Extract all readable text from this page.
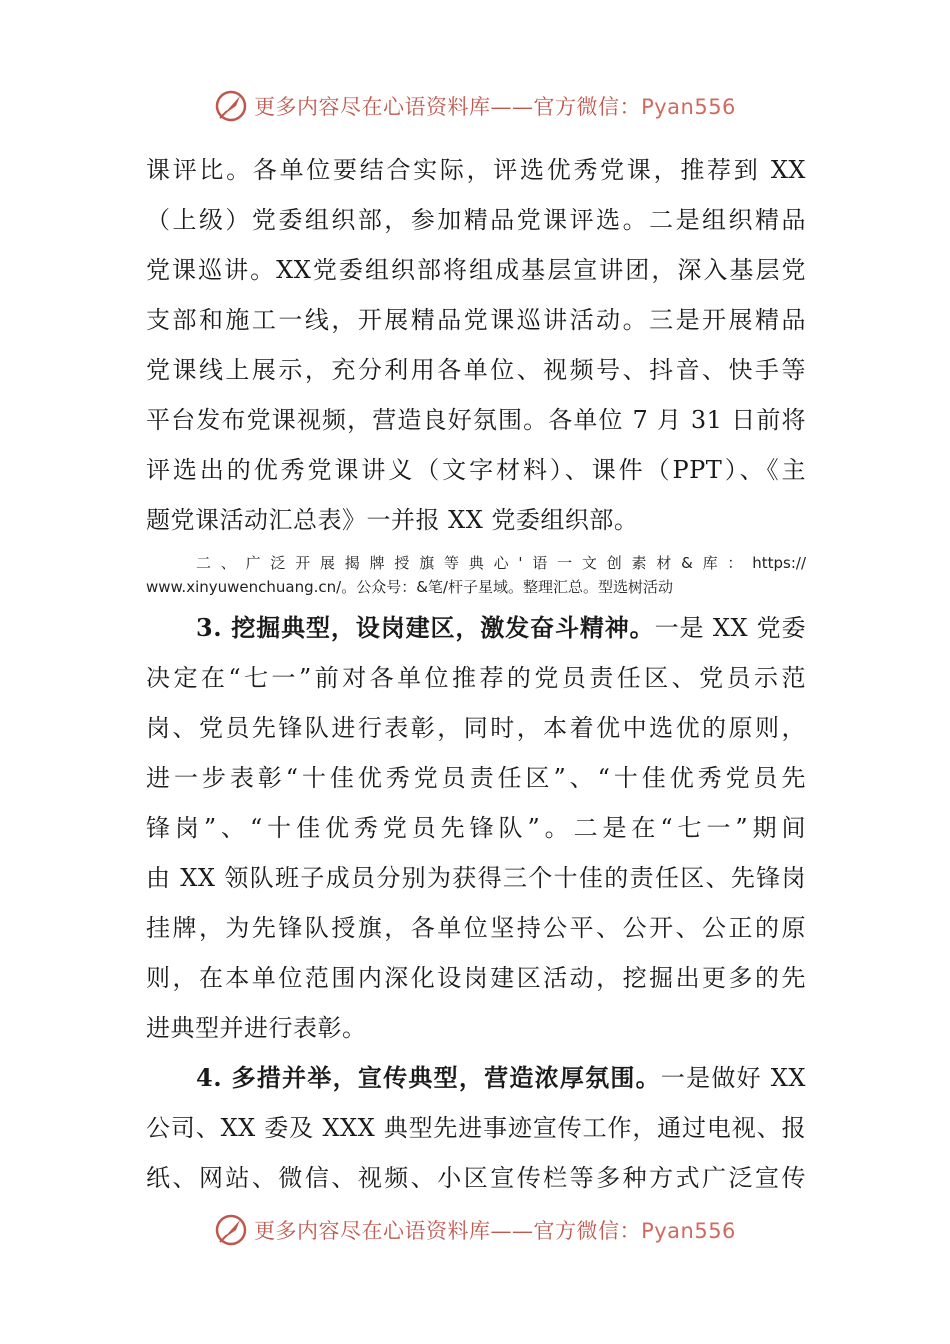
更多内容尽在心语资料库——官方微信：Pyan556
课评比。各单位要结合实际，评选优秀党课，推荐到 XX
（上级）党委组织部，参加精品党课评选。二是组织精品
党课巡讲。XX党委组织部将组成基层宣讲团，深入基层党
支部和施工一线，开展精品党课巡讲活动。三是开展精品
党课线上展示，充分利用各单位、视频号、抖音、快手等
平台发布党课视频，营造良好氛围。各单位 7 月 31 日前将
评选出的优秀党课讲义（文字材料）、课件（PPT）、《主
题党课活动汇总表》一并报 XX 党委组织部。
二、广泛开展揭牌授旗等典心'语一文创素材&库：https://
www.xinyuwenchuang.cn/。公众号：&笔/杆子星域。整理汇总。型选树活动
3. 挖掘典型，设岗建区，激发奋斗精神。一是 XX 党委
决定在“七一”前对各单位推荐的党员责任区、党员示范
岗、党员先锋队进行表彰，同时，本着优中选优的原则，
进一步表彰“十佳优秀党员责任区”、“十佳优秀党员先
锋岗”、“十佳优秀党员先锋队”。二是在“七一”期间
由 XX 领队班子成员分别为获得三个十佳的责任区、先锋岗
挂牌，为先锋队授旗，各单位坚持公平、公开、公正的原
则，在本单位范围内深化设岗建区活动，挖掘出更多的先
进典型并进行表彰。
4. 多措并举，宣传典型，营造浓厚氛围。一是做好 XX
公司、XX 委及 XXX 典型先进事迹宣传工作，通过电视、报
纸、网站、微信、视频、小区宣传栏等多种方式广泛宣传
更多内容尽在心语资料库——官方微信：Pyan556
